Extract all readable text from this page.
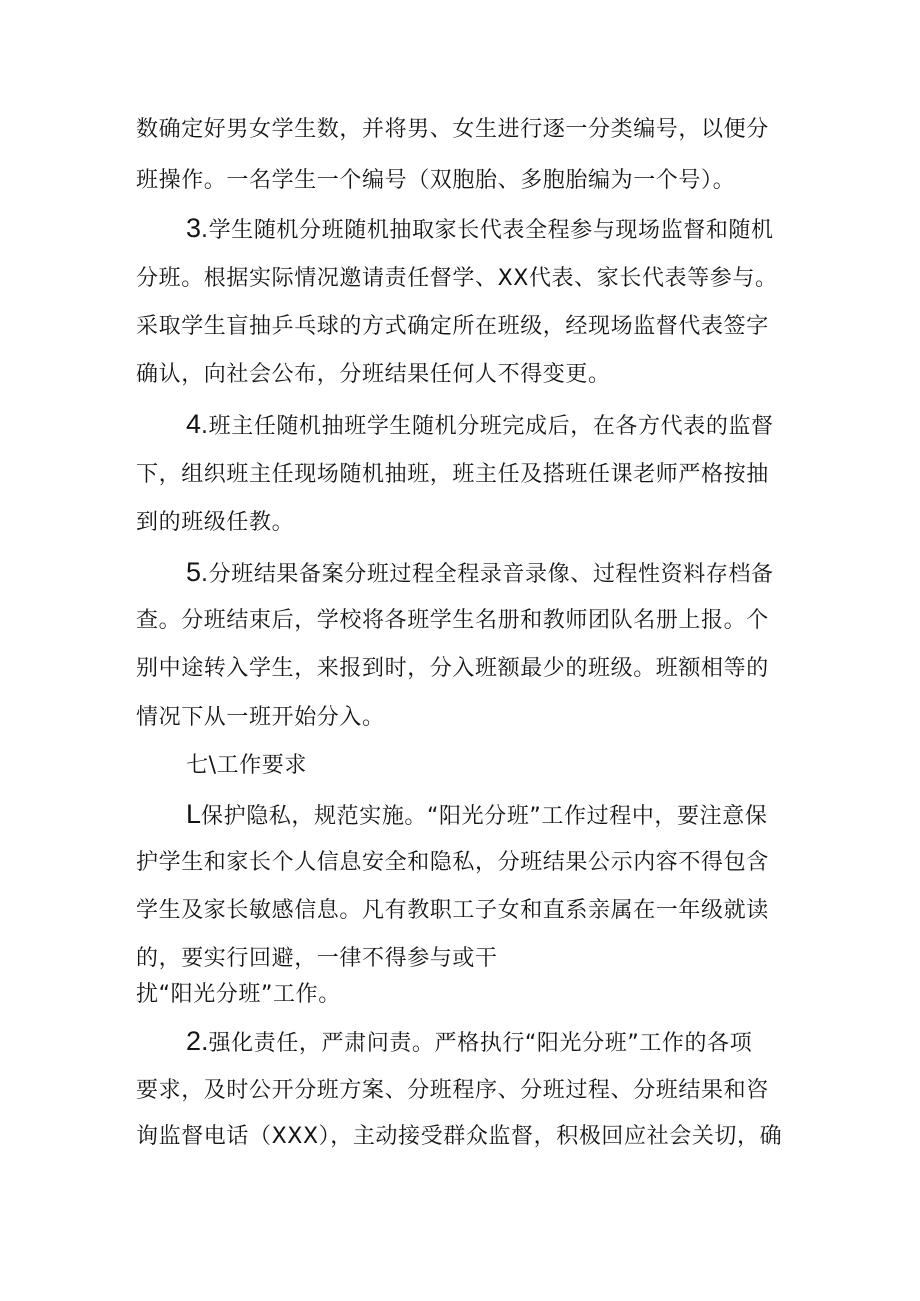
数确定好男女学生数，并将男、女生进行逐一分类编号，以便分
班操作。一名学生一个编号（双胞胎、多胞胎编为一个号）。
3.学生随机分班随机抽取家长代表全程参与现场监督和随机
分班。根据实际情况邀请责任督学、XX代表、家长代表等参与。
采取学生盲抽乒乓球的方式确定所在班级，经现场监督代表签字
确认，向社会公布，分班结果任何人不得变更。
4.班主任随机抽班学生随机分班完成后，在各方代表的监督
下，组织班主任现场随机抽班，班主任及搭班任课老师严格按抽
到的班级任教。
5.分班结果备案分班过程全程录音录像、过程性资料存档备
查。分班结束后，学校将各班学生名册和教师团队名册上报。个
别中途转入学生，来报到时，分入班额最少的班级。班额相等的
情况下从一班开始分入。
七\工作要求
L保护隐私，规范实施。“阳光分班”工作过程中，要注意保
护学生和家长个人信息安全和隐私，分班结果公示内容不得包含
学生及家长敏感信息。凡有教职工子女和直系亲属在一年级就读
的，要实行回避，一律不得参与或干
扰“阳光分班”工作。
2.强化责任，严肃问责。严格执行“阳光分班”工作的各项
要求，及时公开分班方案、分班程序、分班过程、分班结果和咨
询监督电话（XXX），主动接受群众监督，积极回应社会关切，确
